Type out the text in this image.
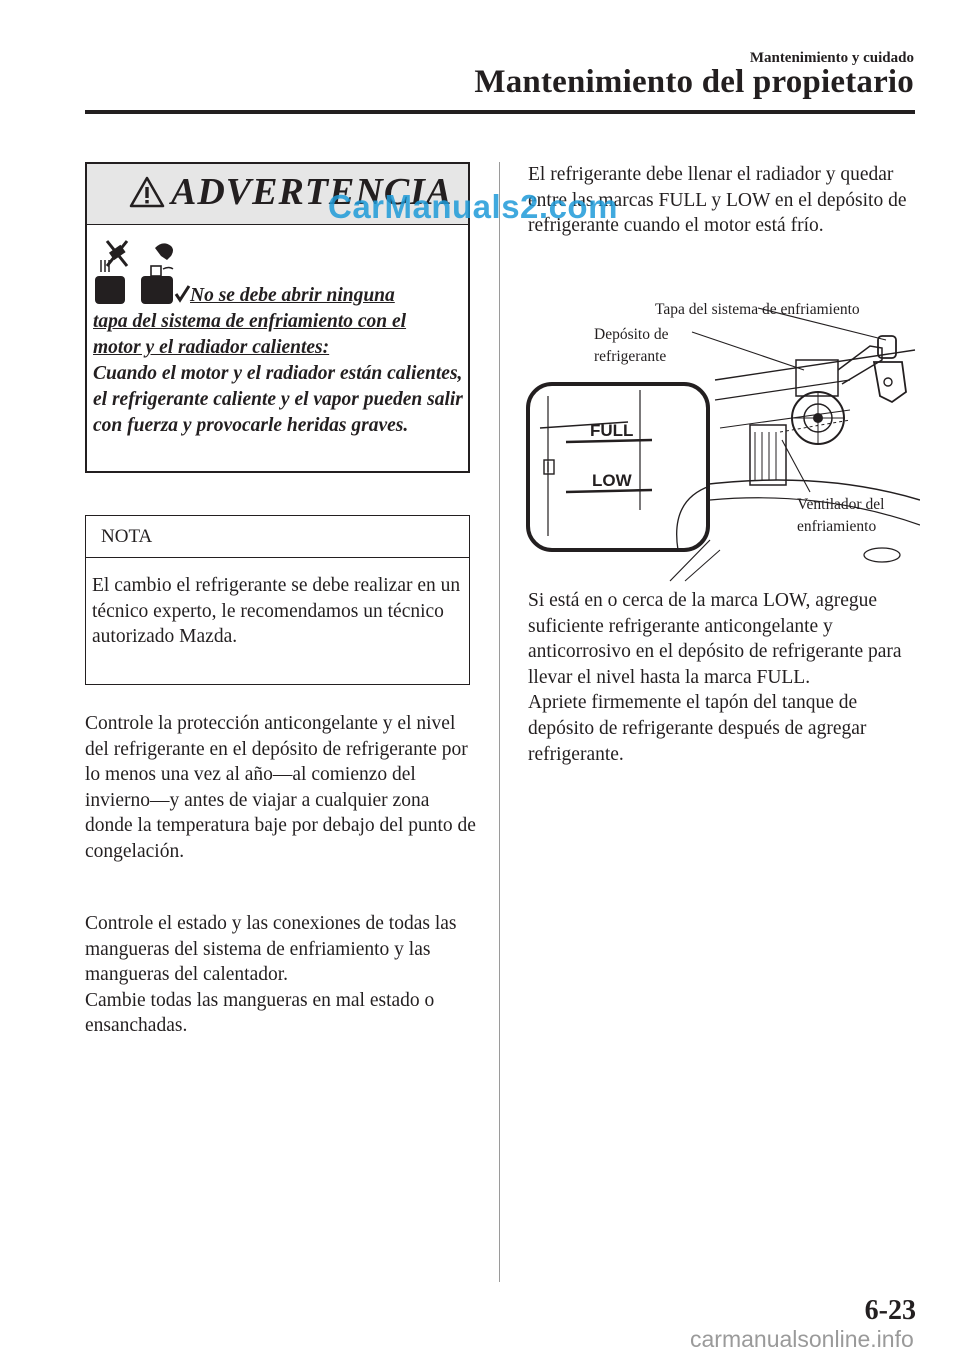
Mantenimiento y cuidado
Mantenimiento del propietario
ADVERTENCIA
No se debe abrir ninguna
tapa del sistema de enfriamiento con el
motor y el radiador calientes:
Cuando el motor y el radiador están calientes, el refrigerante caliente y el vapor pueden salir con fuerza y provocarle heridas graves.
NOTA
El cambio el refrigerante se debe realizar en un técnico experto, le recomendamos un técnico autorizado Mazda.
Controle la protección anticongelante y el nivel del refrigerante en el depósito de refrigerante por lo menos una vez al año—al comienzo del invierno—y antes de viajar a cualquier zona donde la temperatura baje por debajo del punto de congelación.
Controle el estado y las conexiones de todas las mangueras del sistema de enfriamiento y las mangueras del calentador.
Cambie todas las mangueras en mal estado o ensanchadas.
El refrigerante debe llenar el radiador y quedar entre las marcas FULL y LOW en el depósito de refrigerante cuando el motor está frío.
FULL
LOW
Tapa del sistema de enfriamiento
Depósito de
refrigerante
Ventilador del
enfriamiento
Si está en o cerca de la marca LOW, agregue suficiente refrigerante anticongelante y anticorrosivo en el depósito de refrigerante para llevar el nivel hasta la marca FULL.
Apriete firmemente el tapón del tanque de depósito de refrigerante después de agregar refrigerante.
6-23
CarManuals2.com
carmanualsonline.info
